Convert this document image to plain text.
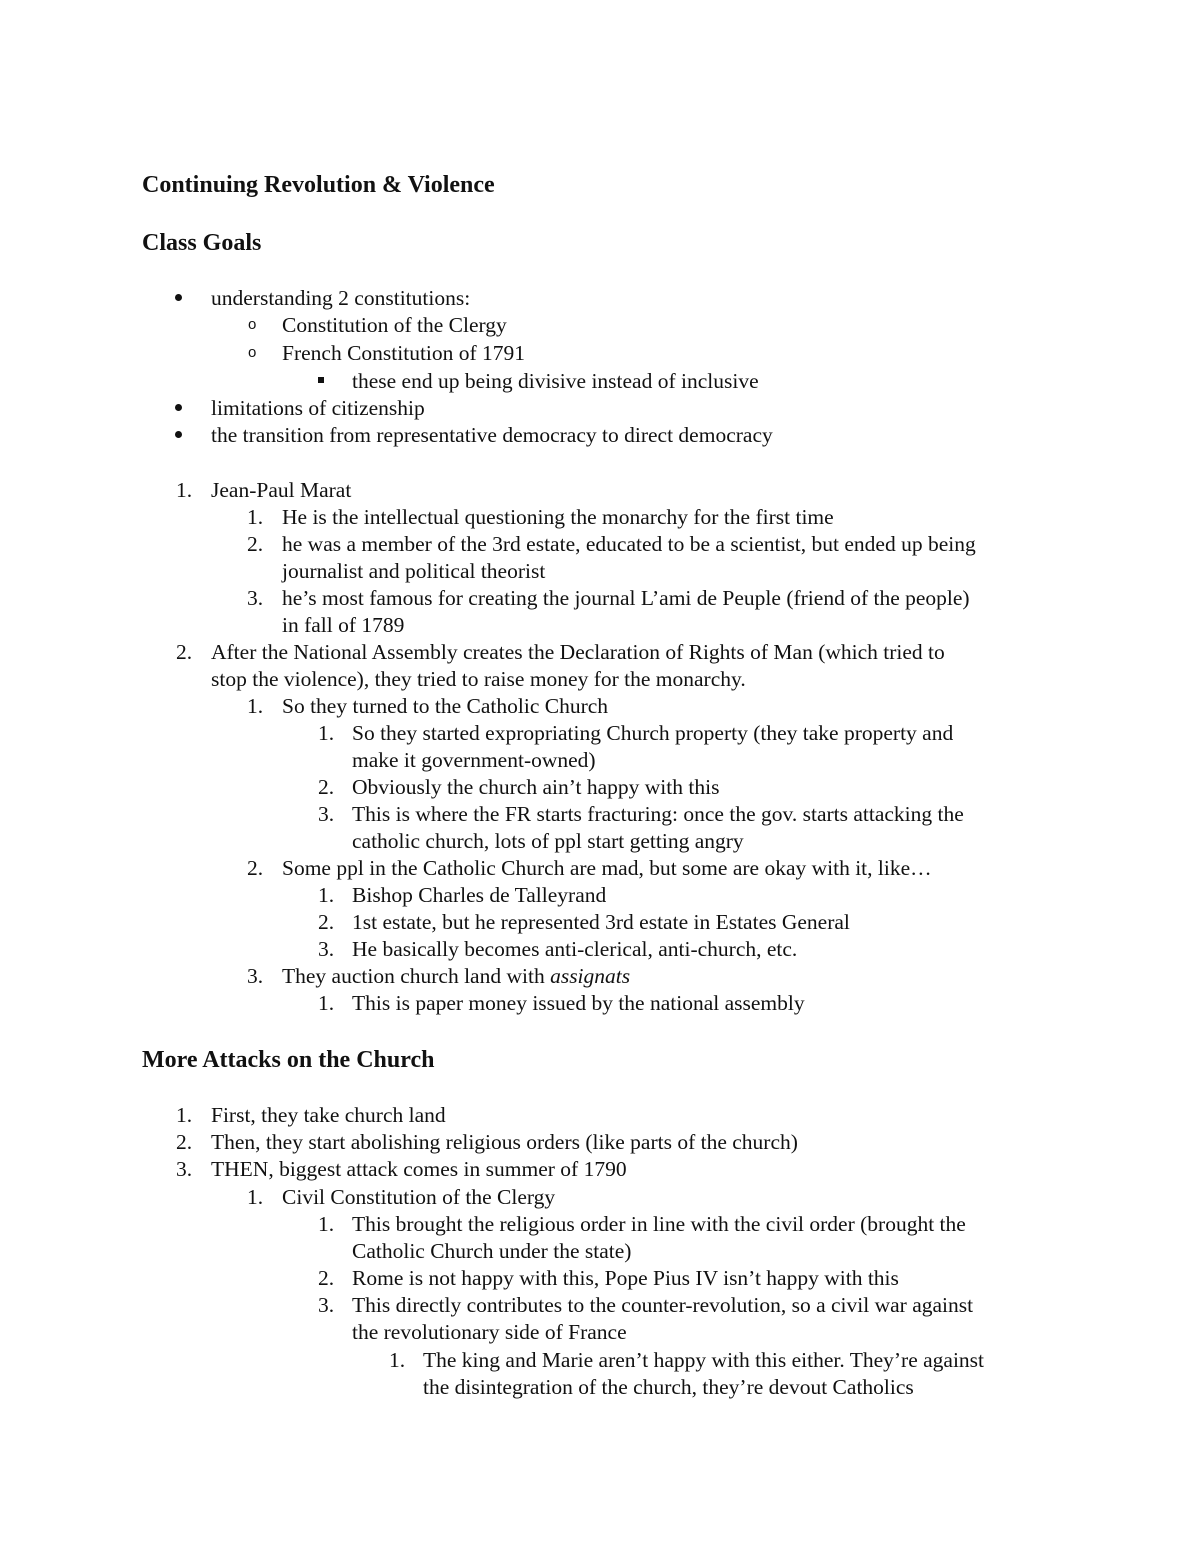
Continuing Revolution & Violence
Class Goals
understanding 2 constitutions:
o Constitution of the Clergy
o French Constitution of 1791
these end up being divisive instead of inclusive
limitations of citizenship
the transition from representative democracy to direct democracy
1. Jean-Paul Marat
1. He is the intellectual questioning the monarchy for the first time
2. he was a member of the 3rd estate, educated to be a scientist, but ended up being
journalist and political theorist
3. he’s most famous for creating the journal L’ami de Peuple (friend of the people)
in fall of 1789
2. After the National Assembly creates the Declaration of Rights of Man (which tried to
stop the violence), they tried to raise money for the monarchy.
1. So they turned to the Catholic Church
1. So they started expropriating Church property (they take property and
make it government-owned)
2. Obviously the church ain’t happy with this
3. This is where the FR starts fracturing: once the gov. starts attacking the
catholic church, lots of ppl start getting angry
2. Some ppl in the Catholic Church are mad, but some are okay with it, like…
1. Bishop Charles de Talleyrand
2. 1st estate, but he represented 3rd estate in Estates General
3. He basically becomes anti-clerical, anti-church, etc.
3. They auction church land with assignats
1. This is paper money issued by the national assembly
More Attacks on the Church
1. First, they take church land
2. Then, they start abolishing religious orders (like parts of the church)
3. THEN, biggest attack comes in summer of 1790
1. Civil Constitution of the Clergy
1. This brought the religious order in line with the civil order (brought the
Catholic Church under the state)
2. Rome is not happy with this, Pope Pius IV isn’t happy with this
3. This directly contributes to the counter-revolution, so a civil war against
the revolutionary side of France
1. The king and Marie aren’t happy with this either. They’re against
the disintegration of the church, they’re devout Catholics
